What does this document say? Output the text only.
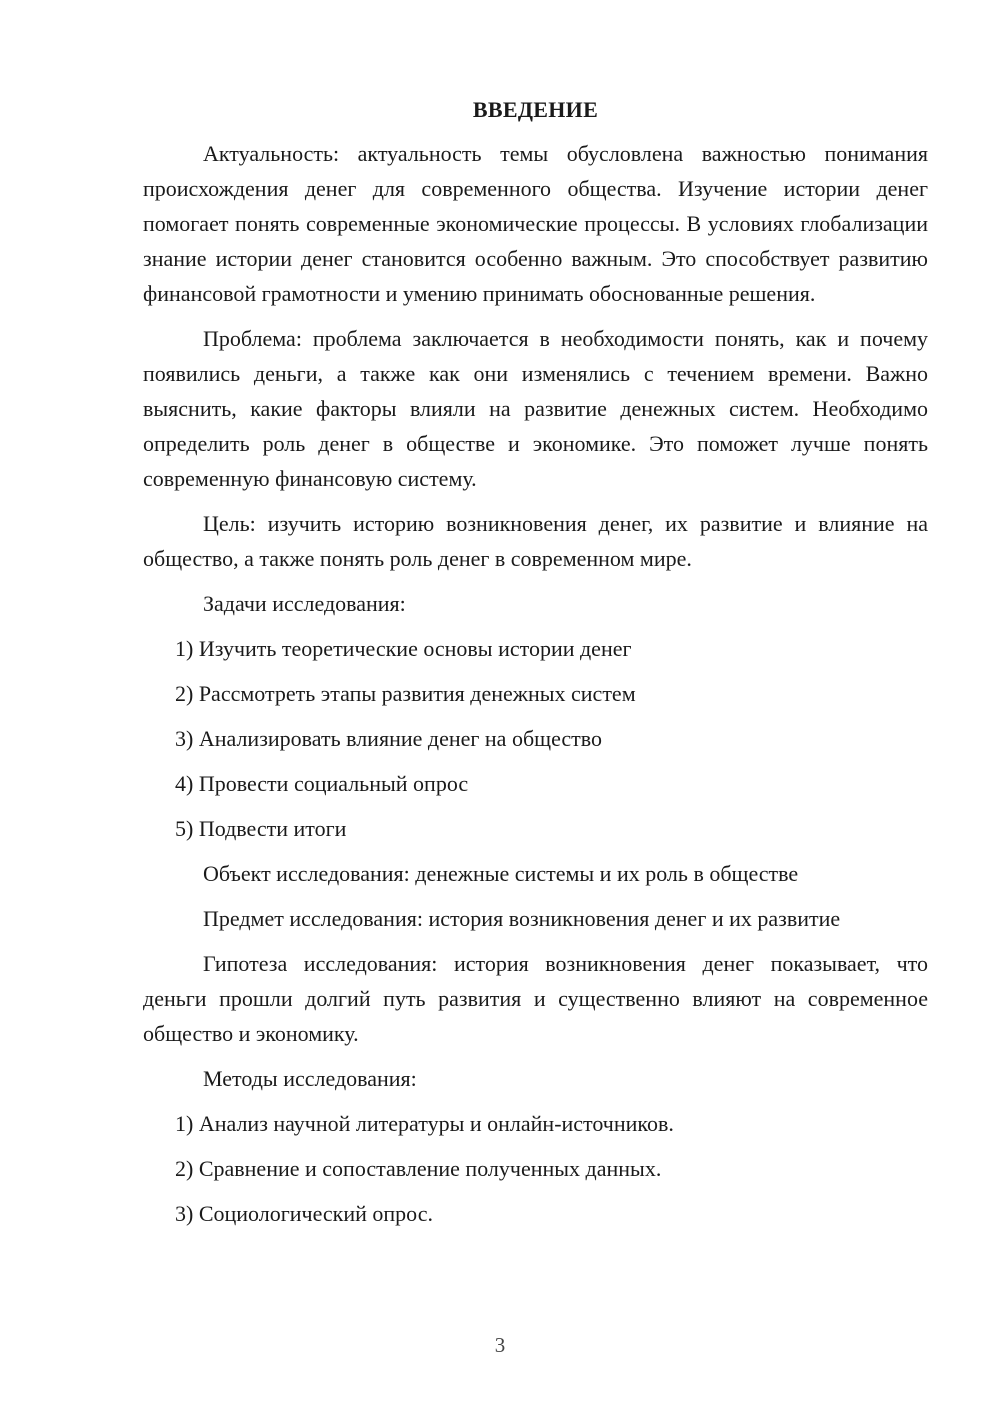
ВВЕДЕНИЕ

Актуальность: актуальность темы обусловлена важностью понимания происхождения денег для современного общества. Изучение истории денег помогает понять современные экономические процессы. В условиях глобализации знание истории денег становится особенно важным. Это способствует развитию финансовой грамотности и умению принимать обоснованные решения.

Проблема: проблема заключается в необходимости понять, как и почему появились деньги, а также как они изменялись с течением времени. Важно выяснить, какие факторы влияли на развитие денежных систем. Необходимо определить роль денег в обществе и экономике. Это поможет лучше понять современную финансовую систему.

Цель: изучить историю возникновения денег, их развитие и влияние на общество, а также понять роль денег в современном мире.

Задачи исследования:

1) Изучить теоретические основы истории денег

2) Рассмотреть этапы развития денежных систем

3) Анализировать влияние денег на общество

4) Провести социальный опрос

5) Подвести итоги

Объект исследования: денежные системы и их роль в обществе

Предмет исследования: история возникновения денег и их развитие

Гипотеза исследования: история возникновения денег показывает, что деньги прошли долгий путь развития и существенно влияют на современное общество и экономику.

Методы исследования:

1) Анализ научной литературы и онлайн-источников.

2) Сравнение и сопоставление полученных данных.

3) Социологический опрос.

3
